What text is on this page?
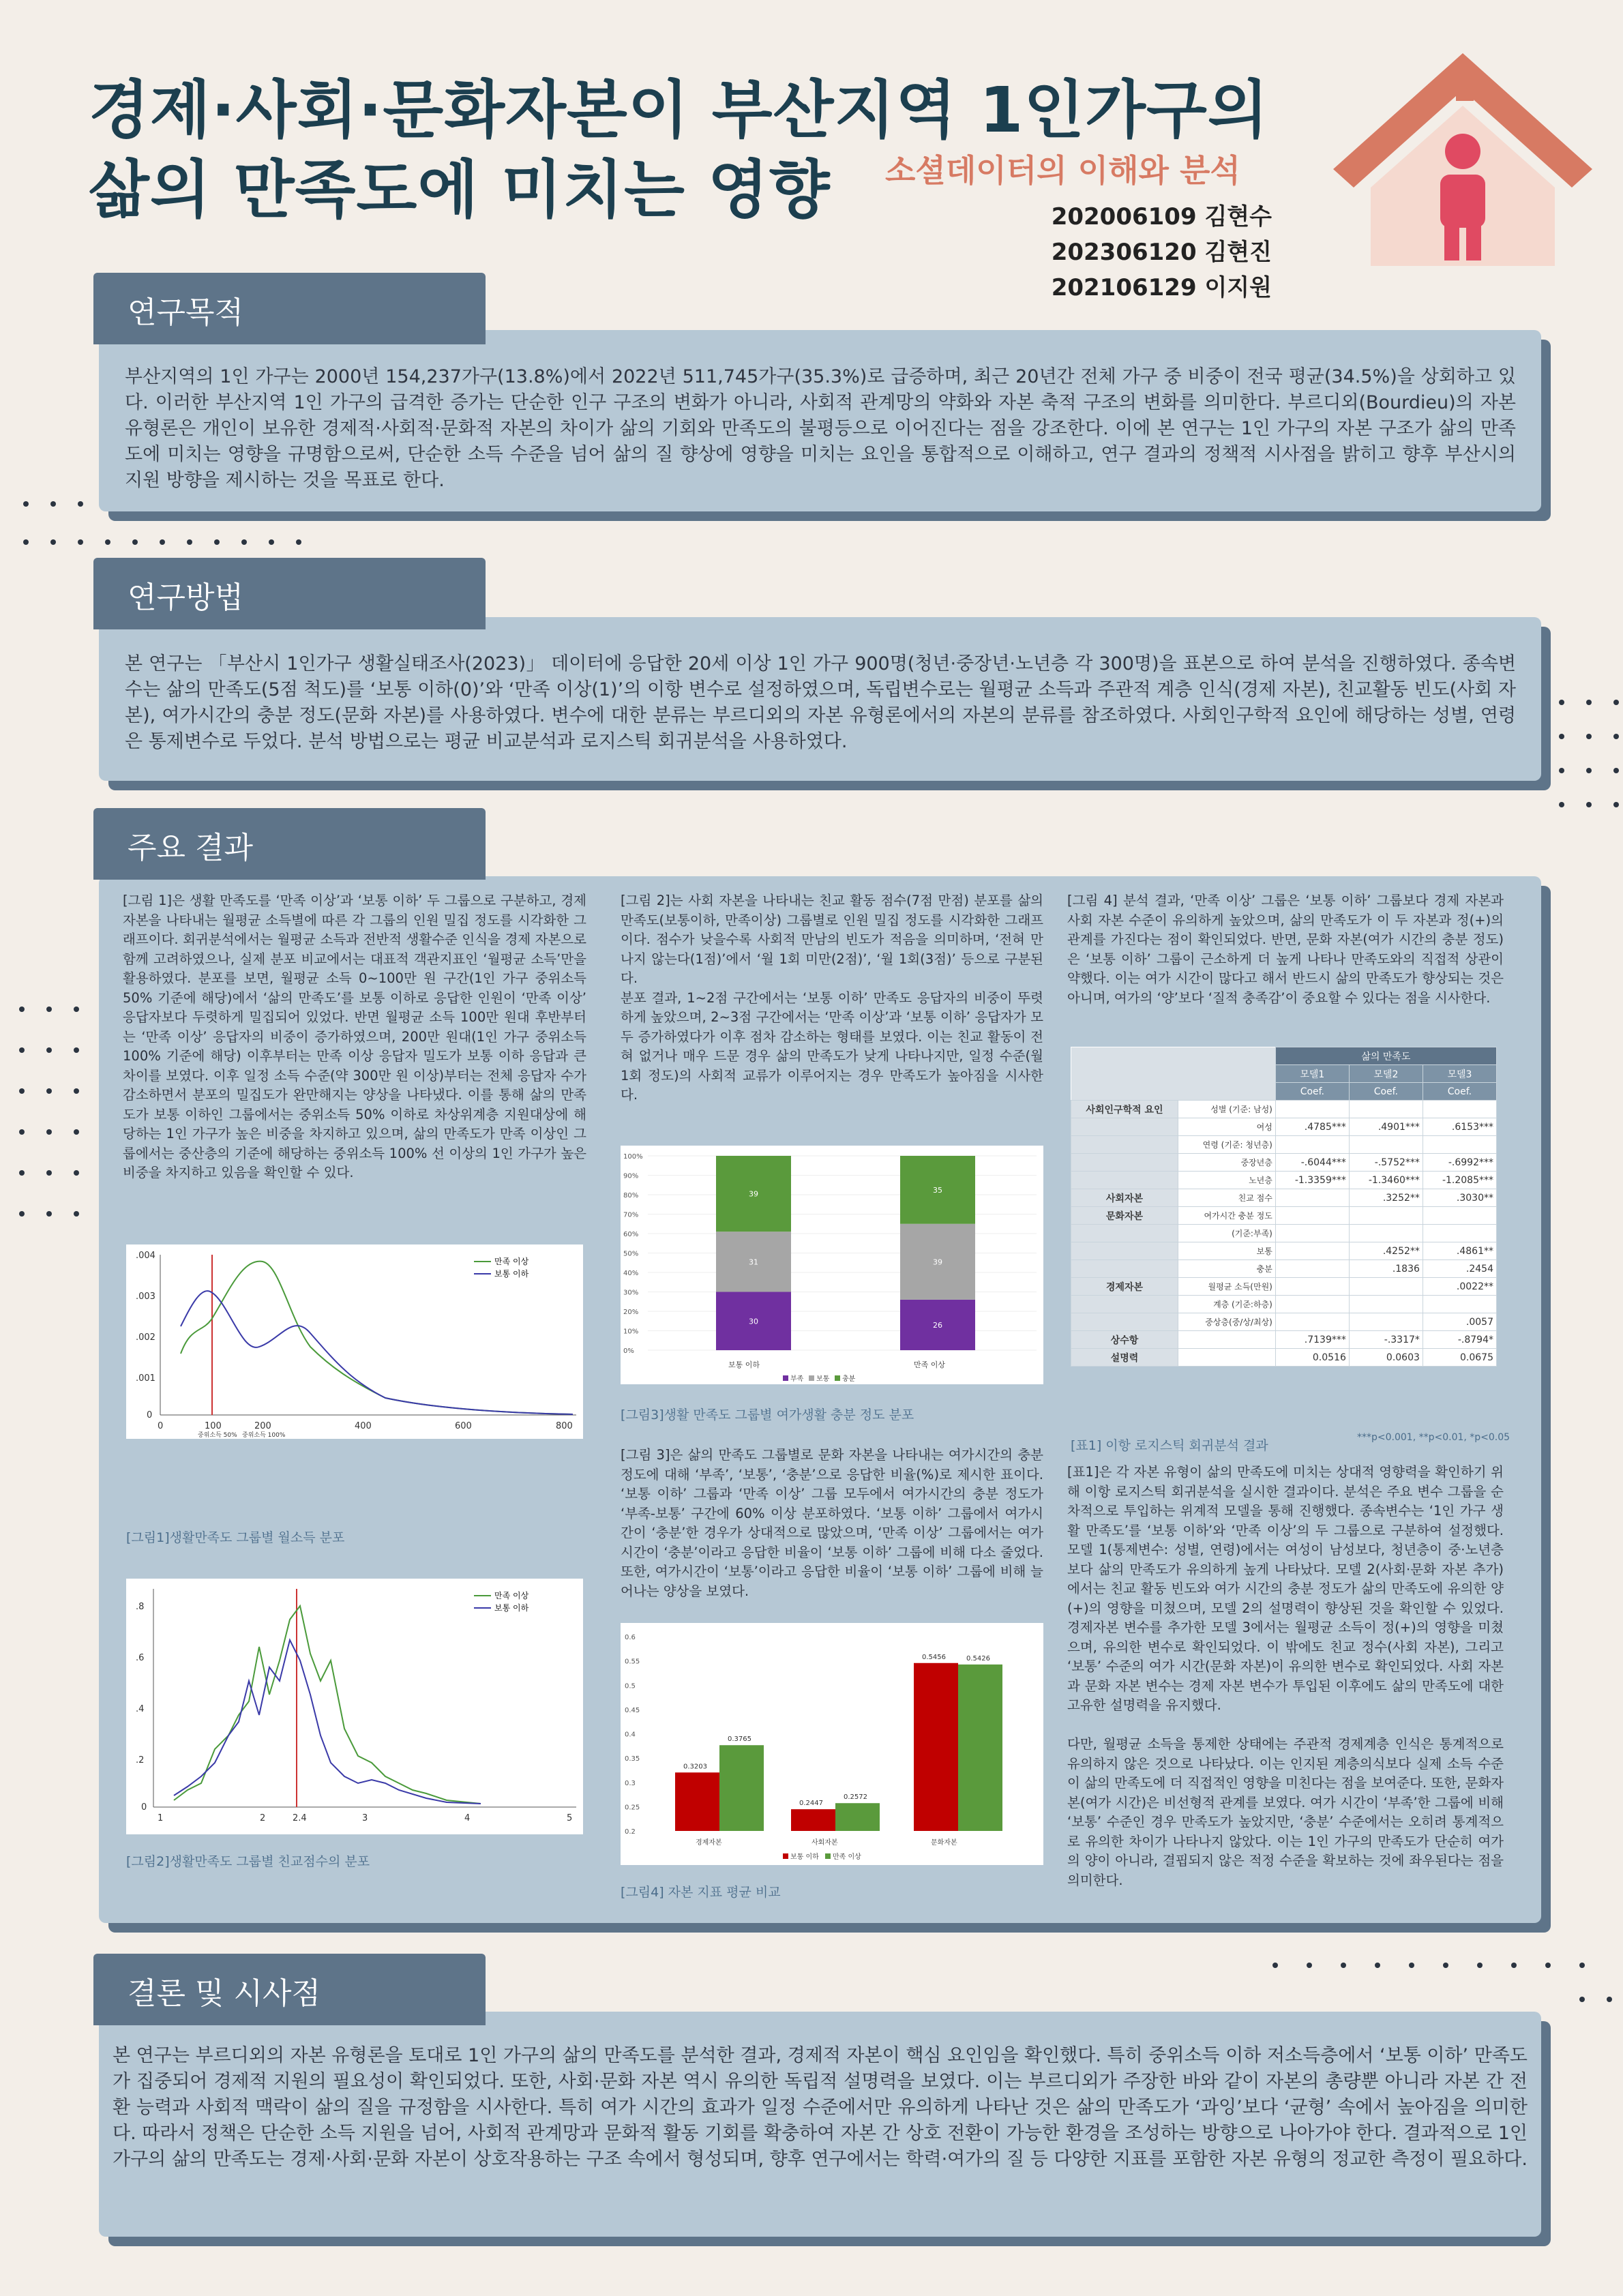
경제·사회·문화자본이 부산지역 1인가구의
삶의 만족도에 미치는 영향 소셜데이터의 이해와 분석
202006109 김현수
202306120 김현진
202106129 이지원
부산지역의 1인 가구는 2000년 154,237가구(13.8%)에서 2022년 511,745가구(35.3%)로 급증하며, 최근 20년간 전체 가구 중 비중이 전국 평균(34.5%)을 상회하고 있다. 이러한 부산지역 1인 가구의 급격한 증가는 단순한 인구 구조의 변화가 아니라, 사회적 관계망의 약화와 자본 축적 구조의 변화를 의미한다. 부르디외(Bourdieu)의 자본 유형론은 개인이 보유한 경제적·사회적·문화적 자본의 차이가 삶의 기회와 만족도의 불평등으로 이어진다는 점을 강조한다. 이에 본 연구는 1인 가구의 자본 구조가 삶의 만족도에 미치는 영향을 규명함으로써, 단순한 소득 수준을 넘어 삶의 질 향상에 영향을 미치는 요인을 통합적으로 이해하고, 연구 결과의 정책적 시사점을 밝히고 향후 부산시의 지원 방향을 제시하는 것을 목표로 한다.
연구목적
본 연구는 「부산시 1인가구 생활실태조사(2023)」 데이터에 응답한 20세 이상 1인 가구 900명(청년·중장년·노년층 각 300명)을 표본으로 하여 분석을 진행하였다. 종속변수는 삶의 만족도(5점 척도)를 ‘보통 이하(0)’와 ‘만족 이상(1)’의 이항 변수로 설정하였으며, 독립변수로는 월평균 소득과 주관적 계층 인식(경제 자본), 친교활동 빈도(사회 자본), 여가시간의 충분 정도(문화 자본)를 사용하였다. 변수에 대한 분류는 부르디외의 자본 유형론에서의 자본의 분류를 참조하였다. 사회인구학적 요인에 해당하는 성별, 연령은 통제변수로 두었다. 분석 방법으로는 평균 비교분석과 로지스틱 회귀분석을 사용하였다.
연구방법
[그림 1]은 생활 만족도를 ‘만족 이상’과 ‘보통 이하’ 두 그룹으로 구분하고, 경제 자본을 나타내는 월평균 소득별에 따른 각 그룹의 인원 밀집 정도를 시각화한 그래프이다. 회귀분석에서는 월평균 소득과 전반적 생활수준 인식을 경제 자본으로 함께 고려하였으나, 실제 분포 비교에서는 대표적 객관지표인 ‘월평균 소득’만을 활용하였다. 분포를 보면, 월평균 소득 0~100만 원 구간(1인 가구 중위소득 50% 기준에 해당)에서 ‘삶의 만족도’를 보통 이하로 응답한 인원이 ‘만족 이상’ 응답자보다 두렷하게 밀집되어 있었다. 반면 월평균 소득 100만 원대 후반부터는 ‘만족 이상’ 응답자의 비중이 증가하였으며, 200만 원대(1인 가구 중위소득 100% 기준에 해당) 이후부터는 만족 이상 응답자 밀도가 보통 이하 응답과 큰 차이를 보였다. 이후 일정 소득 수준(약 300만 원 이상)부터는 전체 응답자 수가 감소하면서 분포의 밀집도가 완만해지는 양상을 나타냈다. 이를 통해 삶의 만족도가 보통 이하인 그룹에서는 중위소득 50% 이하로 차상위계층 지원대상에 해당하는 1인 가구가 높은 비중을 차지하고 있으며, 삶의 만족도가 만족 이상인 그룹에서는 중산층의 기준에 해당하는 중위소득 100% 선 이상의 1인 가구가 높은 비중을 차지하고 있음을 확인할 수 있다.
[그림 2]는 사회 자본을 나타내는 친교 활동 점수(7점 만점) 분포를 삶의 만족도(보통이하, 만족이상) 그룹별로 인원 밀집 정도를 시각화한 그래프이다. 점수가 낮을수록 사회적 만남의 빈도가 적음을 의미하며, ‘전혀 만나지 않는다(1점)’에서 ‘월 1회 미만(2점)’, ‘월 1회(3점)’ 등으로 구분된다.
분포 결과, 1~2점 구간에서는 ‘보통 이하’ 만족도 응답자의 비중이 뚜렷하게 높았으며, 2~3점 구간에서는 ‘만족 이상’과 ‘보통 이하’ 응답자가 모두 증가하였다가 이후 점차 감소하는 형태를 보였다. 이는 친교 활동이 전혀 없거나 매우 드문 경우 삶의 만족도가 낮게 나타나지만, 일정 수준(월 1회 정도)의 사회적 교류가 이루어지는 경우 만족도가 높아짐을 시사한다.
[그림 3]은 삶의 만족도 그룹별로 문화 자본을 나타내는 여가시간의 충분 정도에 대해 ‘부족’, ‘보통’, ‘충분’으로 응답한 비율(%)로 제시한 표이다. ‘보통 이하’ 그룹과 ‘만족 이상’ 그룹 모두에서 여가시간의 충분 정도가 ‘부족-보통’ 구간에 60% 이상 분포하였다. ‘보통 이하’ 그룹에서 여가시간이 ‘충분’한 경우가 상대적으로 많았으며, ‘만족 이상’ 그룹에서는 여가시간이 ‘충분’이라고 응답한 비율이 ‘보통 이하’ 그룹에 비해 다소 줄었다. 또한, 여가시간이 ‘보통’이라고 응답한 비율이 ‘보통 이하’ 그룹에 비해 늘어나는 양상을 보였다.
[그림 4] 분석 결과, ‘만족 이상’ 그룹은 ‘보통 이하’ 그룹보다 경제 자본과 사회 자본 수준이 유의하게 높았으며, 삶의 만족도가 이 두 자본과 정(+)의 관계를 가진다는 점이 확인되었다. 반면, 문화 자본(여가 시간의 충분 정도)은 ‘보통 이하’ 그룹이 근소하게 더 높게 나타나 만족도와의 직접적 상관이 약했다. 이는 여가 시간이 많다고 해서 반드시 삶의 만족도가 향상되는 것은 아니며, 여가의 ‘양’보다 ‘질적 충족감’이 중요할 수 있다는 점을 시사한다.
[표1]은 각 자본 유형이 삶의 만족도에 미치는 상대적 영향력을 확인하기 위해 이항 로지스틱 회귀분석을 실시한 결과이다. 분석은 주요 변수 그룹을 순차적으로 투입하는 위계적 모델을 통해 진행했다. 종속변수는 ‘1인 가구 생활 만족도’를 ‘보통 이하’와 ‘만족 이상’의 두 그룹으로 구분하여 설정했다. 모델 1(통제변수: 성별, 연령)에서는 여성이 남성보다, 청년층이 중·노년층보다 삶의 만족도가 유의하게 높게 나타났다. 모델 2(사회·문화 자본 추가)에서는 친교 활동 빈도와 여가 시간의 충분 정도가 삶의 만족도에 유의한 양(+)의 영향을 미쳤으며, 모델 2의 설명력이 향상된 것을 확인할 수 있었다. 경제자본 변수를 추가한 모델 3에서는 월평균 소득이 정(+)의 영향을 미쳤으며, 유의한 변수로 확인되었다. 이 밖에도 친교 정수(사회 자본), 그리고 ‘보통’ 수준의 여가 시간(문화 자본)이 유의한 변수로 확인되었다. 사회 자본과 문화 자본 변수는 경제 자본 변수가 투입된 이후에도 삶의 만족도에 대한 고유한 설명력을 유지했다.

다만, 월평균 소득을 통제한 상태에는 주관적 경제계층 인식은 통계적으로 유의하지 않은 것으로 나타났다. 이는 인지된 계층의식보다 실제 소득 수준이 삶의 만족도에 더 직접적인 영향을 미친다는 점을 보여준다. 또한, 문화자본(여가 시간)은 비선형적 관계를 보였다. 여가 시간이 ‘부족’한 그룹에 비해 ‘보통’ 수준인 경우 만족도가 높았지만, ‘충분’ 수준에서는 오히려 통계적으로 유의한 차이가 나타나지 않았다. 이는 1인 가구의 만족도가 단순히 여가의 양이 아니라, 결핍되지 않은 적정 수준을 확보하는 것에 좌우된다는 점을 의미한다.
.004
.003
.002
.001
0
0	100	200	400	600	800
중위소득 50% 중위소득 100%
만족 이상
보통 이하
[그림1]생활만족도 그룹별 월소득 분포
.8
.6
.4
.2
0
1	2	2.4	3	4	5
만족 이상
보통 이하
[그림2]생활만족도 그룹별 친교점수의 분포
100%
90%
80%
70%
60%
50%
40%
30%
20%
10%
0%
30
31
39
26
39
35
보통 이하	만족 이상
부족 보통 충분
[그림3]생활 만족도 그룹별 여가생활 충분 정도 분포
0.6
0.55
0.5
0.45
0.4
0.35
0.3
0.25
0.2
0.3203
0.3765
0.2447
0.2572
0.5456	0.5426
경제자본	사회자본	문화자본
보통 이하 만족 이상
[그림4] 자본 지표 평균 비교
		삶의 만족도		
		모델1	모델2	모델3
		Coef.	Coef.	Coef.
사회인구학적 요인	성별 (기준: 남성)			
	여성	.4785***	.4901***	.6153***
	연령 (기준: 청년층)			
	중장년층	-.6044***	-.5752***	-.6992***
	노년층	-1.3359***	-1.3460***	-1.2085***
사회자본	친교 점수		.3252**	.3030**
문화자본	여가시간 충분 정도			
	(기준:부족)			
	보통		.4252**	.4861**
	충분		.1836	.2454
경제자본	월평균 소득(만원)			.0022**
	계층 (기준:하층)			
	중상층(중/상/최상)			.0057
상수항		.7139***	-.3317*	-.8794*
설명력		0.0516	0.0603	0.0675
[표1] 이항 로지스틱 회귀분석 결과
***p<0.001, **p<0.01, *p<0.05
주요 결과
본 연구는 부르디외의 자본 유형론을 토대로 1인 가구의 삶의 만족도를 분석한 결과, 경제적 자본이 핵심 요인임을 확인했다. 특히 중위소득 이하 저소득층에서 ‘보통 이하’ 만족도가 집중되어 경제적 지원의 필요성이 확인되었다. 또한, 사회·문화 자본 역시 유의한 독립적 설명력을 보였다. 이는 부르디외가 주장한 바와 같이 자본의 총량뿐 아니라 자본 간 전환 능력과 사회적 맥락이 삶의 질을 규정함을 시사한다. 특히 여가 시간의 효과가 일정 수준에서만 유의하게 나타난 것은 삶의 만족도가 ‘과잉’보다 ‘균형’ 속에서 높아짐을 의미한다. 따라서 정책은 단순한 소득 지원을 넘어, 사회적 관계망과 문화적 활동 기회를 확충하여 자본 간 상호 전환이 가능한 환경을 조성하는 방향으로 나아가야 한다. 결과적으로 1인 가구의 삶의 만족도는 경제·사회·문화 자본이 상호작용하는 구조 속에서 형성되며, 향후 연구에서는 학력·여가의 질 등 다양한 지표를 포함한 자본 유형의 정교한 측정이 필요하다.
결론 및 시사점
